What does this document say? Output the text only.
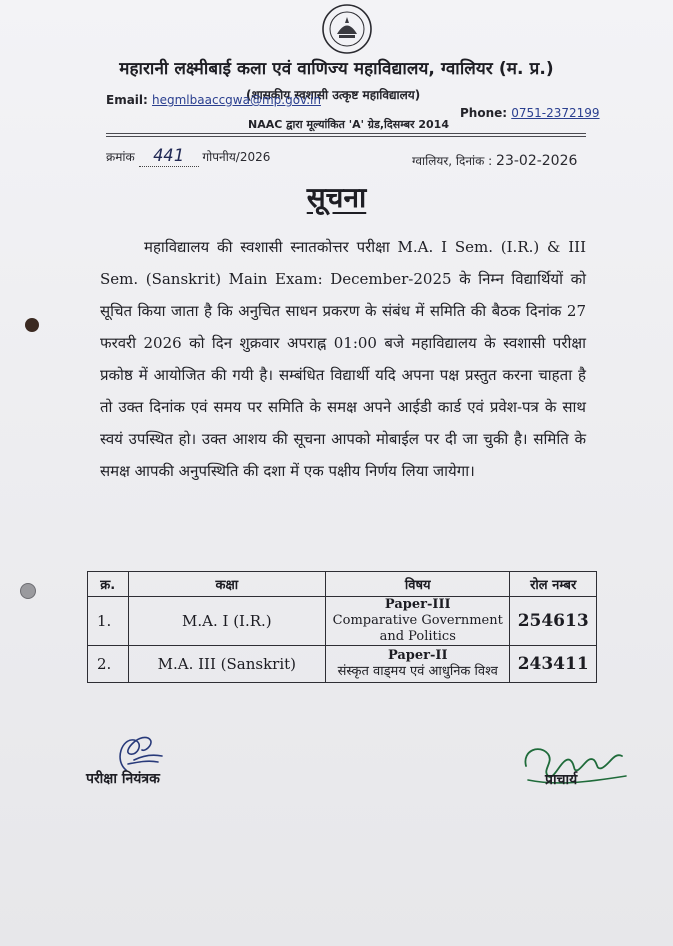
महारानी लक्ष्मीबाई कला एवं वाणिज्य महाविद्यालय, ग्वालियर (म. प्र.)
(शासकीय स्वशासी उत्कृष्ट महाविद्यालय)
Email: hegmlbaaccgwa@mp.gov.in
Phone: 0751-2372199
NAAC द्वारा मूल्यांकित 'A' ग्रेड,दिसम्बर 2014
क्रमांक 441 गोपनीय/2026	ग्वालियर, दिनांक : 23-02-2026
सूचना

महाविद्यालय की स्वशासी स्नातकोत्तर परीक्षा M.A. I Sem. (I.R.) & III Sem. (Sanskrit) Main Exam: December-2025 के निम्न विद्यार्थियों को सूचित किया जाता है कि अनुचित साधन प्रकरण के संबंध में समिति की बैठक दिनांक 27 फरवरी 2026 को दिन शुक्रवार अपराह्न 01:00 बजे महाविद्यालय के स्वशासी परीक्षा प्रकोष्ठ में आयोजित की गयी है। सम्बंधित विद्यार्थी यदि अपना पक्ष प्रस्तुत करना चाहता है तो उक्त दिनांक एवं समय पर समिति के समक्ष अपने आईडी कार्ड एवं प्रवेश-पत्र के साथ स्वयं उपस्थित हो। उक्त आशय की सूचना आपको मोबाईल पर दी जा चुकी है। समिति के समक्ष आपकी अनुपस्थिति की दशा में एक पक्षीय निर्णय लिया जायेगा।

क्र.	कक्षा	विषय	रोल नम्बर
1.	M.A. I (I.R.)	Paper-III
Comparative Government and Politics	254613
2.	M.A. III (Sanskrit)	Paper-II
संस्कृत वाड्मय एवं आधुनिक विश्व	243411
परीक्षा नियंत्रक	प्राचार्य
